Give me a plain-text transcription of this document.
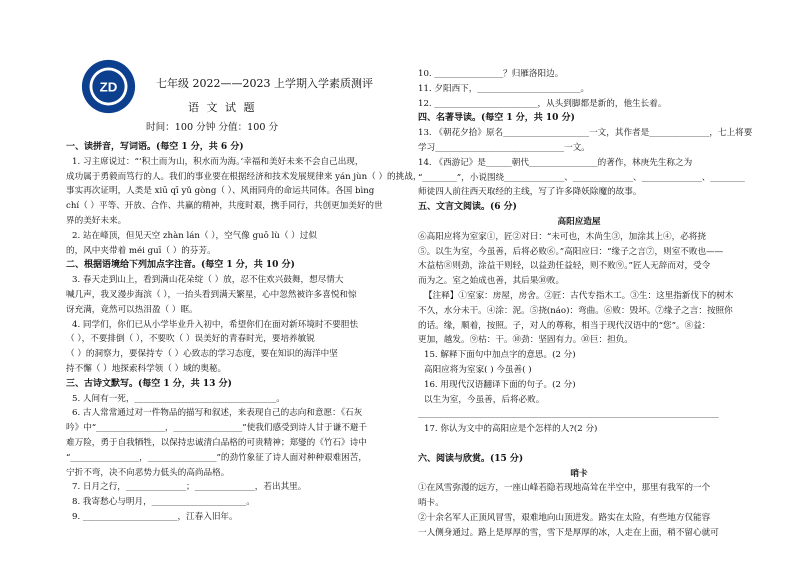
ZD	七年级 2022——2023 上学期入学素质测评
语 文 试 题
时间：100 分钟 分值：100 分
一、读拼音，写词语。(每空 1 分，共 6 分)
1. 习主席说过：“‘积土而为山，积水而为海。’幸福和美好未来不会自己出现，
成功属于勇毅而笃行的人。我们的事业要在根据经济和技术发展规律来 yán jùn（ ）的挑战，
事实再次证明，人类是 xiū qī yǔ gòng（ ）、风雨同舟的命运共同体。各国 bìng
chí（ ）平等、开放、合作、共赢的精神，共度时艰，携手同行，共创更加美好的世
界的美好未来。
2. 站在峰顶，但见天空 zhàn lán（ ），空气像 guō lù（ ）过似
的，风中夹带着 méi guī（ ）的芬芳。
二、根据语境给下列加点字注音。(每空 1 分，共 10 分)
3. 春天走到山上，看到满山花朵绽（ ）放，忍不住欢兴鼓舞，想尽情大
喊几声，我叉漫步海滨（ ），一抬头看到满天繁星，心中忽然被许多喜悦和惊
讶充满，竟然可以热泪盈（ ）眶。
4. 同学们，你们已从小学毕业升入初中，希望你们在面对新环境时不要胆怯
（ ），不要排倒（ ），不要吹（ ）误美好的青春时光，要培养敏锐
（ ）的洞察力，要保持专（ ）心致志的学习态度，要在知识的海洋中坚
持不懈（ ）地探索科学领（ ）域的奥秘。
三、古诗文默写。(每空 1 分，共 13 分)
5. 人间有一死，_________________________________。
6. 古人常常通过对一件物品的描写和叙述，来表现自己的志向和意愿：《石灰
吟》中“________________，________________”使我们感受到诗人甘于谦不避千
难万险，勇于自我牺牲，以保持忠诚清白品格的可贵精神；郑燮的《竹石》诗中
“________________，________________”的劲竹象征了诗人面对种种艰难困苦，
宁折不弯，决不向恶势力低头的高尚品格。
7. 日月之行，______________；______________，若出其里。
8. 我寄愁心与明月，______________________。
9. ______________________，江春入旧年。
10. ________________？归雁洛阳边。
11. 夕阳西下，________________________。
12. ________________________，从头到脚都是新的，他生长着。
四、名著导读。(每空 1 分，共 10 分)
13. 《朝花夕拾》原名____________________一文，其作者是______________，七上将要
学习______________________________一文。
14. 《西游记》是______朝代________________的著作，林庚先生称之为
“________”，小说围绕______________、______________、______________、________
师徒四人前往西天取经的主线，写了许多降妖除魔的故事。
五、文言文阅读。(6 分)
高阳应造屋
⑥高阳应将为室家①，匠②对曰：“未可也，木尚生③，加涂其上④，必将挠
⑤。以生为室，今虽善，后将必败⑥。”高阳应曰：“缘子之言⑦，则室不败也——
木益枯⑧则劲，涂益干则轻，以益劲任益轻，则不败⑨。”匠人无辞而对，受令
而为之。室之始成也善，其后果⑩败。
【注释】①室家：房屋，房舍。②匠：古代专指木工。③生：这里指新伐下的树木
不久，水分未干。④涂：泥。⑤挠(náo)：弯曲。⑥败：毁坏。⑦缘子之言：按照你
的话。缘，顺着，按照。子，对人的尊称，相当于现代汉语中的“您”。⑧益：
更加，越发。⑨枯：干。⑩劲：坚固有力。⑩巨：担负。
15. 解释下面句中加点字的意思。(2 分)
高阳应将为室家( ) 今虽善( )
16. 用现代汉语翻译下面的句子。(2 分)
以生为室，今虽善，后将必败。
______________________________________________________________________
17. 你认为文中的高阳应是个怎样的人?(2 分)
六、阅读与欣赏。(15 分)
哨卡
①在风雪弥漫的远方，一座山峰若隐若现地高耸在半空中，那里有我军的一个
哨卡。
②十余名军人正顶风冒雪，艰难地向山顶进发。路实在太险，有些地方仅能容
一人侧身通过。路上是厚厚的雪，雪下是厚厚的冰，人走在上面，稍不留心就可
